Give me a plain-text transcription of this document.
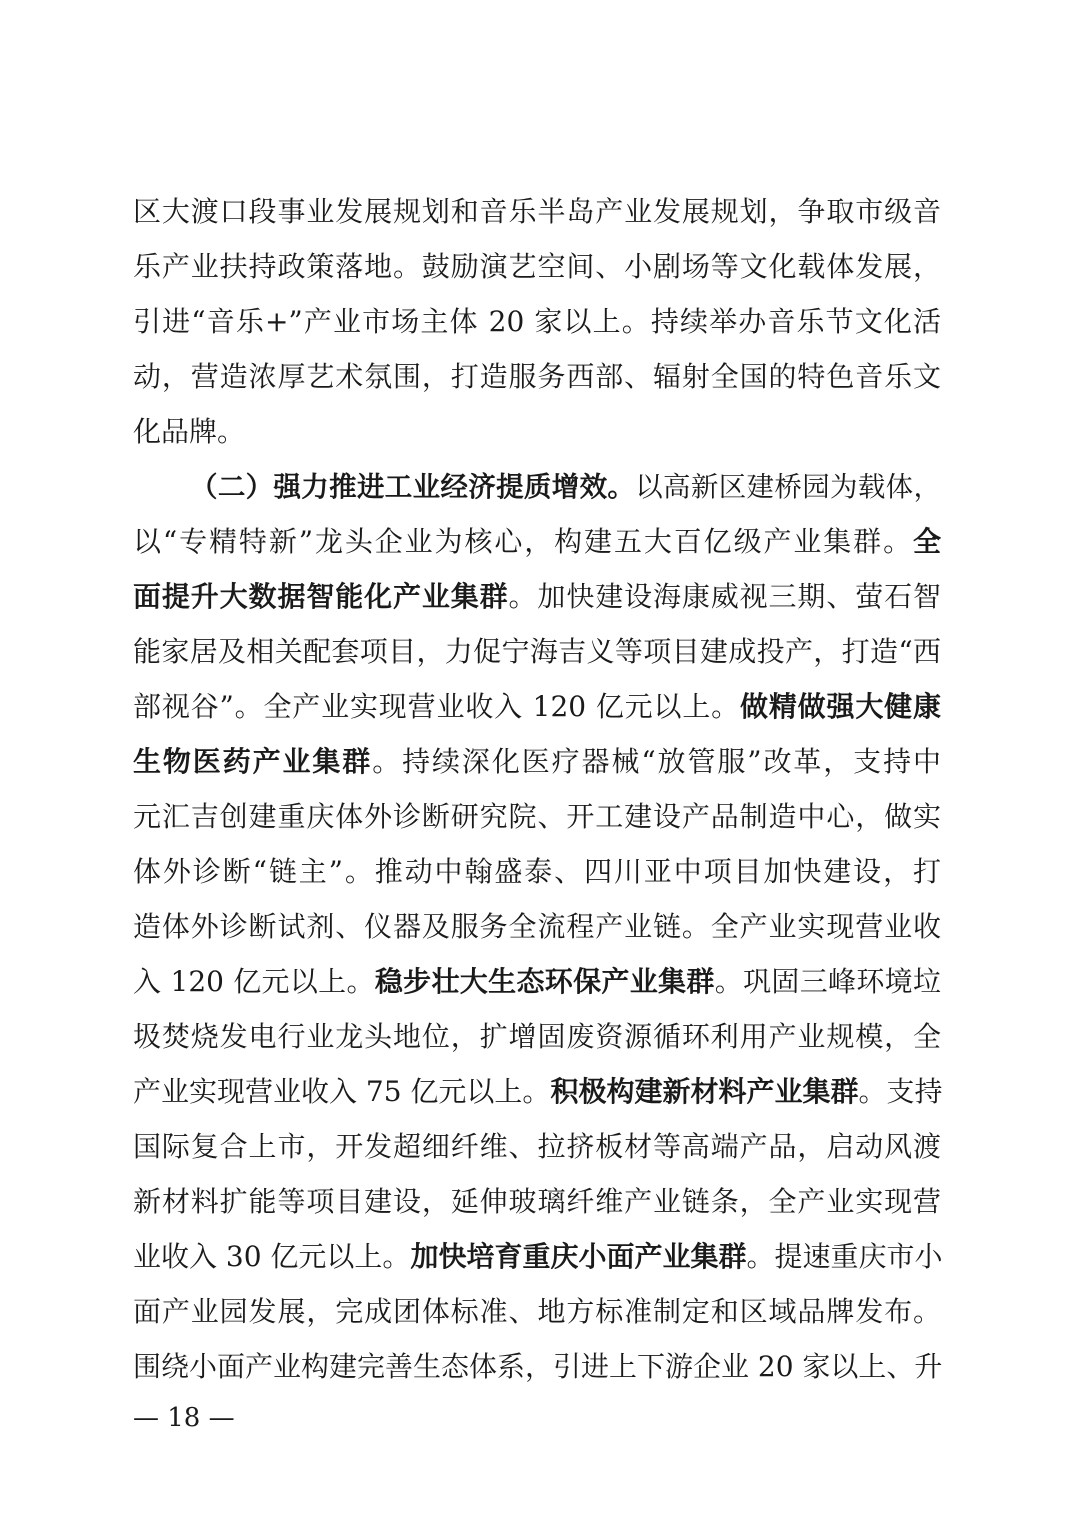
区大渡口段事业发展规划和音乐半岛产业发展规划，争取市级音
乐产业扶持政策落地。鼓励演艺空间、小剧场等文化载体发展，
引进“音乐+”产业市场主体 20 家以上。持续举办音乐节文化活
动，营造浓厚艺术氛围，打造服务西部、辐射全国的特色音乐文
化品牌。
（二）强力推进工业经济提质增效。以高新区建桥园为载体，
以“专精特新”龙头企业为核心，构建五大百亿级产业集群。全
面提升大数据智能化产业集群。加快建设海康威视三期、萤石智
能家居及相关配套项目，力促宁海吉义等项目建成投产，打造“西
部视谷”。全产业实现营业收入 120 亿元以上。做精做强大健康
生物医药产业集群。持续深化医疗器械“放管服”改革，支持中
元汇吉创建重庆体外诊断研究院、开工建设产品制造中心，做实
体外诊断“链主”。推动中翰盛泰、四川亚中项目加快建设，打
造体外诊断试剂、仪器及服务全流程产业链。全产业实现营业收
入 120 亿元以上。稳步壮大生态环保产业集群。巩固三峰环境垃
圾焚烧发电行业龙头地位，扩增固废资源循环利用产业规模，全
产业实现营业收入 75 亿元以上。积极构建新材料产业集群。支持
国际复合上市，开发超细纤维、拉挤板材等高端产品，启动风渡
新材料扩能等项目建设，延伸玻璃纤维产业链条，全产业实现营
业收入 30 亿元以上。加快培育重庆小面产业集群。提速重庆市小
面产业园发展，完成团体标准、地方标准制定和区域品牌发布。
围绕小面产业构建完善生态体系，引进上下游企业 20 家以上、升
— 18 —
